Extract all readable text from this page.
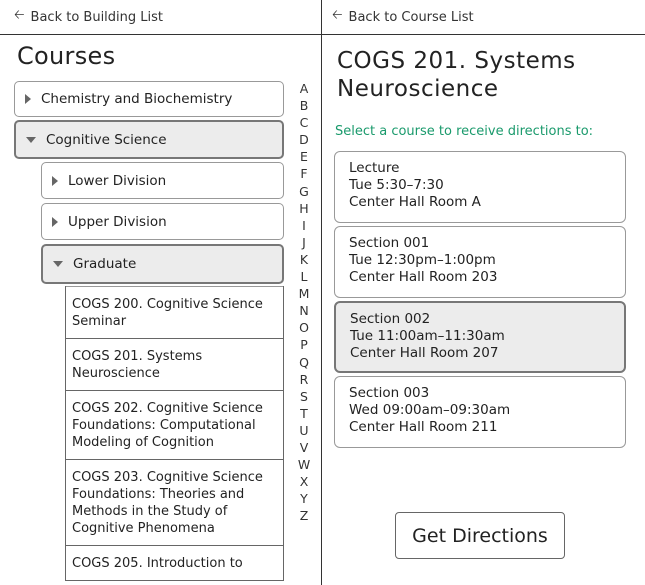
🡠 Back to Building List
Courses
Chemistry and Biochemistry
Cognitive Science
Lower Division
Upper Division
Graduate
COGS 200. Cognitive Science Seminar
COGS 201. Systems Neuroscience
COGS 202. Cognitive Science Foundations: Computational Modeling of Cognition
COGS 203. Cognitive Science Foundations: Theories and Methods in the Study of Cognitive Phenomena
COGS 205. Introduction to
A
B
C
D
E
F
G
H
I
J
K
L
M
N
O
P
Q
R
S
T
U
V
W
X
Y
Z
🡠 Back to Course List
COGS 201. Systems Neuroscience
Select a course to receive directions to:
Lecture
Tue 5:30–7:30
Center Hall Room A
Section 001
Tue 12:30pm–1:00pm
Center Hall Room 203
Section 002
Tue 11:00am–11:30am
Center Hall Room 207
Section 003
Wed 09:00am–09:30am
Center Hall Room 211
Get Directions
